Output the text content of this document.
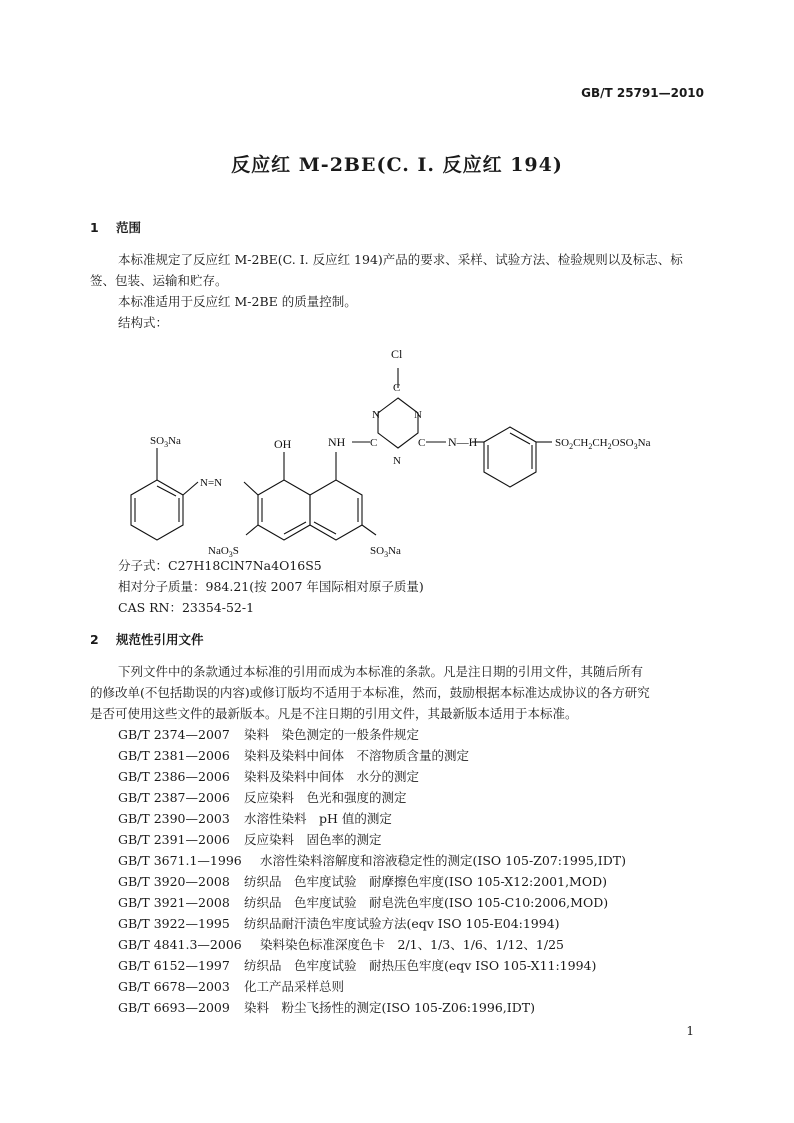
GB/T 25791—2010
反应红 M-2BE(C. I. 反应红 194)
1 范围
本标准规定了反应红 M-2BE(C. I. 反应红 194)产品的要求、采样、试验方法、检验规则以及标志、标
签、包装、运输和贮存。
本标准适用于反应红 M-2BE 的质量控制。
结构式：
Cl
C
N	N
C	C
N
NH	N—H
OH
$SO_3Na$
N=N
NaO$_3$S	$SO_3Na$
$SO_2CH_2CH_2OSO_3Na$
分子式：C27H18ClN7Na4O16S5
相对分子质量：984.21(按 2007 年国际相对原子质量)
CAS RN：23354-52-1
2 规范性引用文件
下列文件中的条款通过本标准的引用而成为本标准的条款。凡是注日期的引用文件，其随后所有
的修改单(不包括勘误的内容)或修订版均不适用于本标准，然而，鼓励根据本标准达成协议的各方研究
是否可使用这些文件的最新版本。凡是不注日期的引用文件，其最新版本适用于本标准。
GB/T 2374—2007 染料　染色测定的一般条件规定
GB/T 2381—2006 染料及染料中间体　不溶物质含量的测定
GB/T 2386—2006 染料及染料中间体　水分的测定
GB/T 2387—2006 反应染料　色光和强度的测定
GB/T 2390—2003 水溶性染料　pH 值的测定
GB/T 2391—2006 反应染料　固色率的测定
GB/T 3671.1—1996 水溶性染料溶解度和溶液稳定性的测定(ISO 105-Z07:1995,IDT)
GB/T 3920—2008 纺织品　色牢度试验　耐摩擦色牢度(ISO 105-X12:2001,MOD)
GB/T 3921—2008 纺织品　色牢度试验　耐皂洗色牢度(ISO 105-C10:2006,MOD)
GB/T 3922—1995 纺织品耐汗渍色牢度试验方法(eqv ISO 105-E04:1994)
GB/T 4841.3—2006 染料染色标准深度色卡　2/1、1/3、1/6、1/12、1/25
GB/T 6152—1997 纺织品　色牢度试验　耐热压色牢度(eqv ISO 105-X11:1994)
GB/T 6678—2003 化工产品采样总则
GB/T 6693—2009 染料　粉尘飞扬性的测定(ISO 105-Z06:1996,IDT)
1
